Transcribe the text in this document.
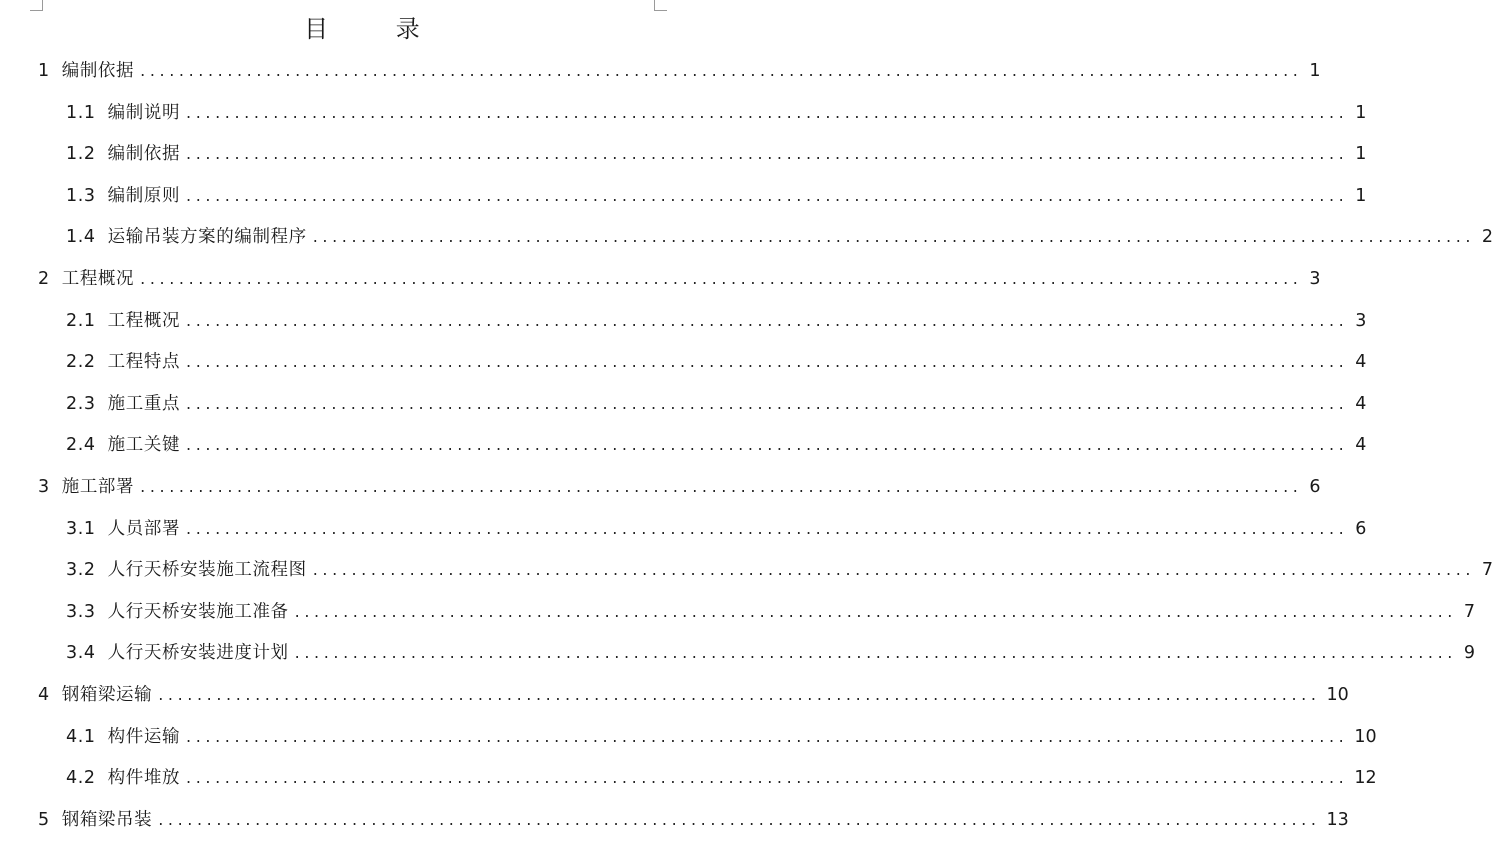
目 录
1 编制依据 ........................................................................................................................ 1
1.1 编制说明 ........................................................................................................................ 1
1.2 编制依据 ........................................................................................................................ 1
1.3 编制原则 ........................................................................................................................ 1
1.4 运输吊装方案的编制程序 ........................................................................................................................ 2
2 工程概况 ........................................................................................................................ 3
2.1 工程概况 ........................................................................................................................ 3
2.2 工程特点 ........................................................................................................................ 4
2.3 施工重点 ........................................................................................................................ 4
2.4 施工关键 ........................................................................................................................ 4
3 施工部署 ........................................................................................................................ 6
3.1 人员部署 ........................................................................................................................ 6
3.2 人行天桥安装施工流程图 ........................................................................................................................ 7
3.3 人行天桥安装施工准备 ........................................................................................................................ 7
3.4 人行天桥安装进度计划 ........................................................................................................................ 9
4 钢箱梁运输 ........................................................................................................................ 10
4.1 构件运输 ........................................................................................................................ 10
4.2 构件堆放 ........................................................................................................................ 12
5 钢箱梁吊装 ........................................................................................................................ 13
